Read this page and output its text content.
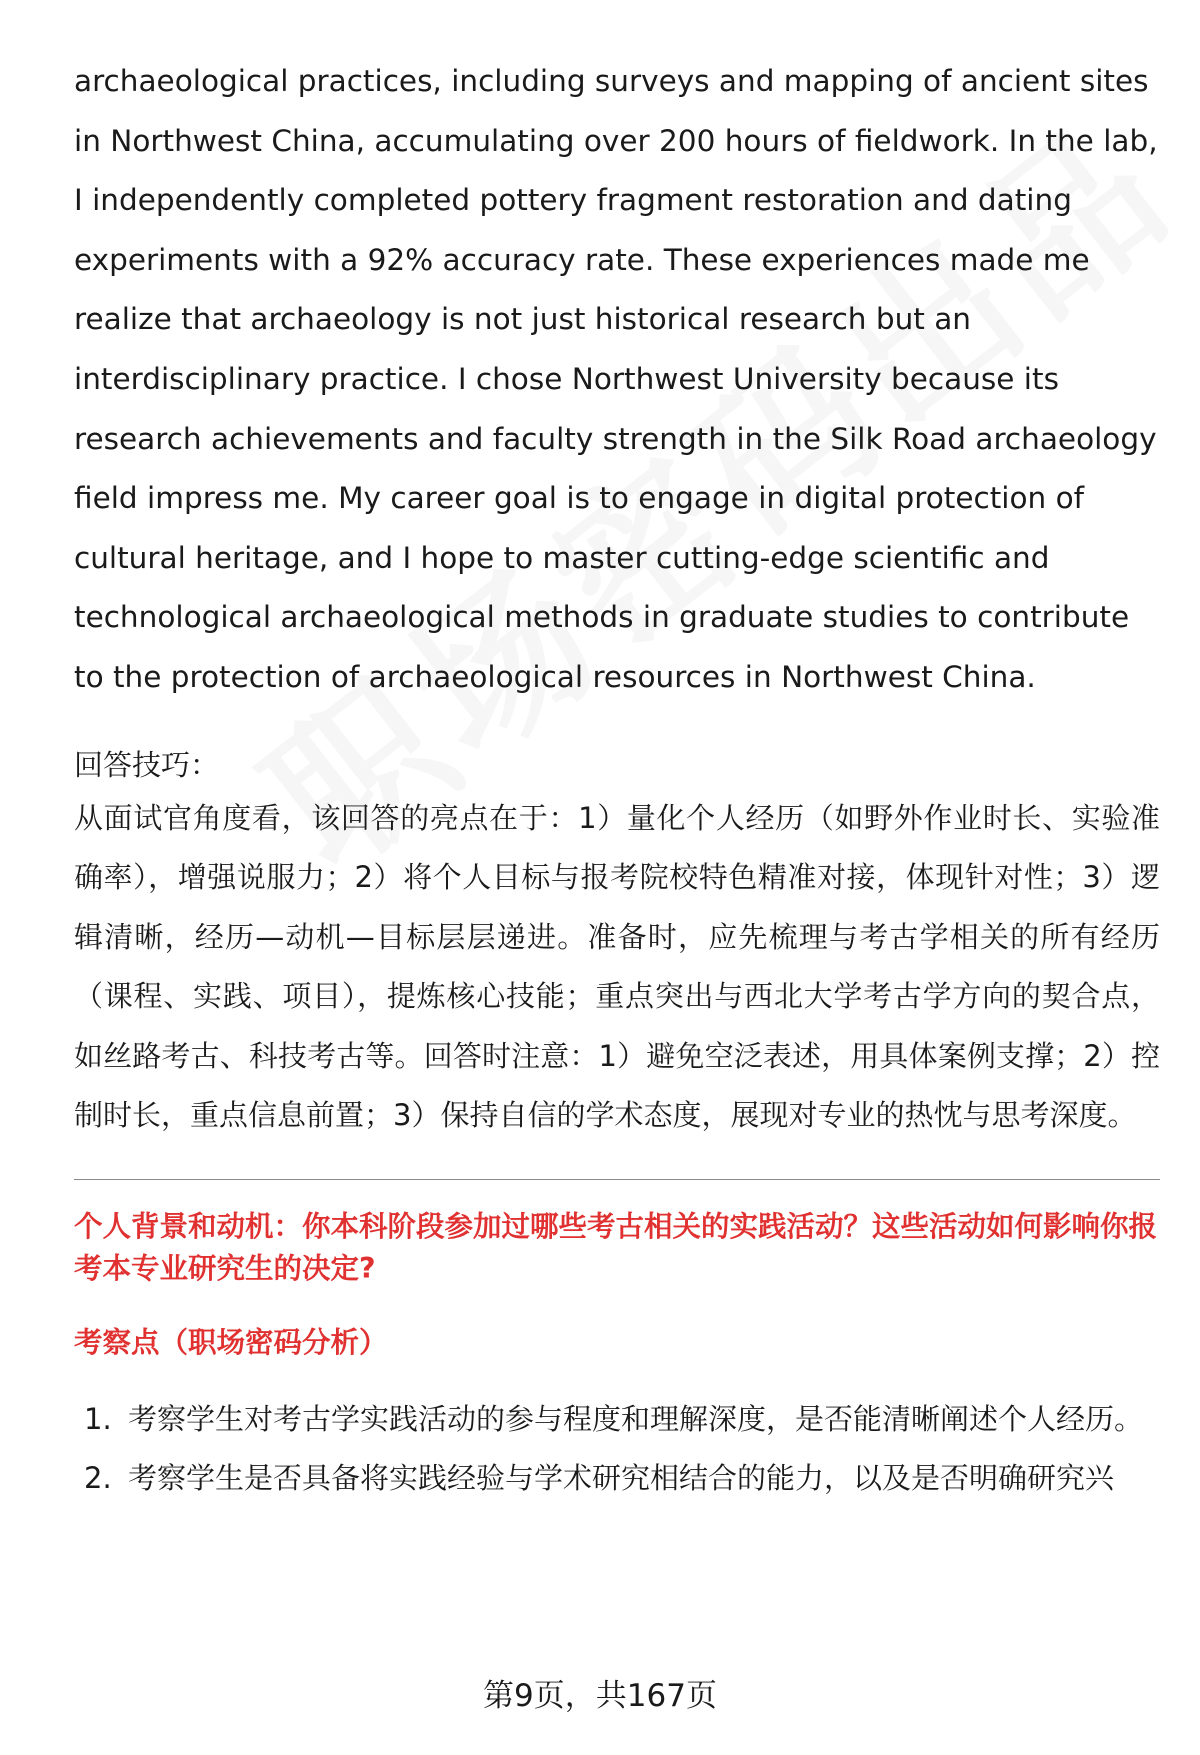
archaeological practices, including surveys and mapping of ancient sites in Northwest China, accumulating over 200 hours of fieldwork. In the lab, I independently completed pottery fragment restoration and dating experiments with a 92% accuracy rate. These experiences made me realize that archaeology is not just historical research but an interdisciplinary practice. I chose Northwest University because its research achievements and faculty strength in the Silk Road archaeology field impress me. My career goal is to engage in digital protection of cultural heritage, and I hope to master cutting-edge scientific and technological archaeological methods in graduate studies to contribute to the protection of archaeological resources in Northwest China.

回答技巧：

从面试官角度看，该回答的亮点在于：1）量化个人经历（如野外作业时长、实验准确率），增强说服力；2）将个人目标与报考院校特色精准对接，体现针对性；3）逻辑清晰，经历—动机—目标层层递进。准备时，应先梳理与考古学相关的所有经历（课程、实践、项目），提炼核心技能；重点突出与西北大学考古学方向的契合点，如丝路考古、科技考古等。回答时注意：1）避免空泛表述，用具体案例支撑；2）控制时长，重点信息前置；3）保持自信的学术态度，展现对专业的热忱与思考深度。

个人背景和动机：你本科阶段参加过哪些考古相关的实践活动？这些活动如何影响你报考本专业研究生的决定?
考察点（职场密码分析）
1. 考察学生对考古学实践活动的参与程度和理解深度，是否能清晰阐述个人经历。
2. 考察学生是否具备将实践经验与学术研究相结合的能力，以及是否明确研究兴
第9页，共167页
